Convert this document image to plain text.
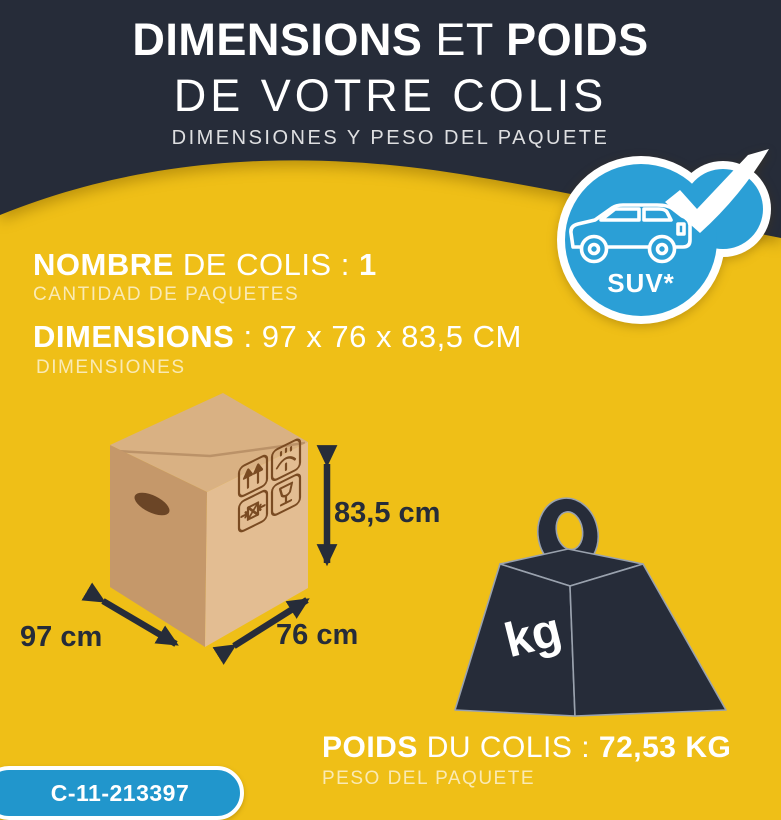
DIMENSIONS ET POIDS
DE VOTRE COLIS
DIMENSIONES Y PESO DEL PAQUETE
NOMBRE DE COLIS : 1
CANTIDAD DE PAQUETES
DIMENSIONS : 97 x 76 x 83,5 CM
DIMENSIONES
83,5 cm
97 cm	76 cm	kg
SUV*
POIDS DU COLIS : 72,53 KG
PESO DEL PAQUETE
C-11-213397
